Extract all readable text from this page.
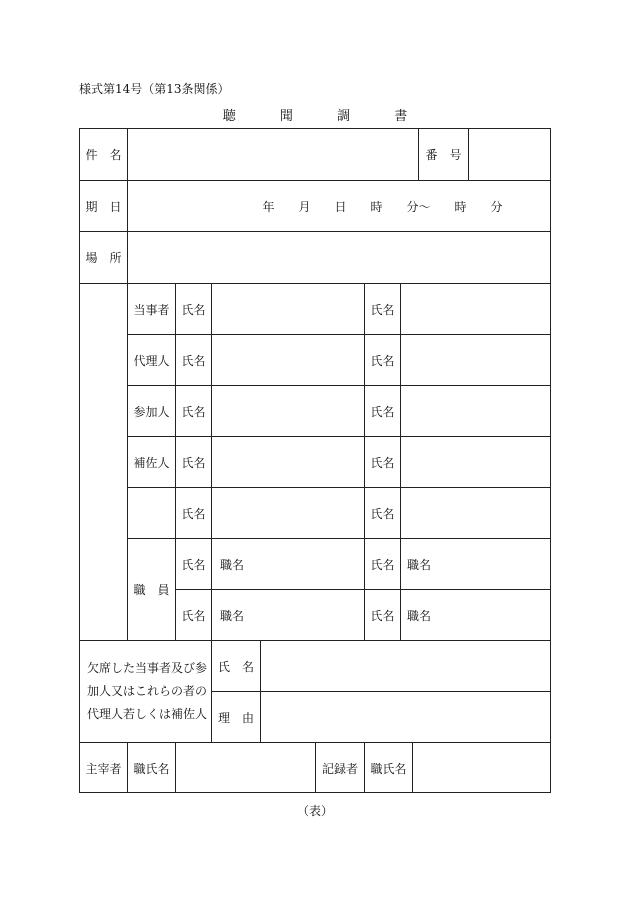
様式第14号（第13条関係）
聴	聞	調	書
件　名	番　号
期　日	年　　月　　日　　時　　分〜　　時　　分
場　所
当事者 氏名	氏名
代理人 氏名	氏名
参加人 氏名	氏名
補佐人 氏名	氏名
氏名	氏名
職　員
氏名 職名	氏名 職名
氏名 職名	氏名 職名
欠席した当事者及び参
加人又はこれらの者の
代理人若しくは補佐人
氏　名
理　由
主宰者 職氏名	記録者 職氏名
（表）
